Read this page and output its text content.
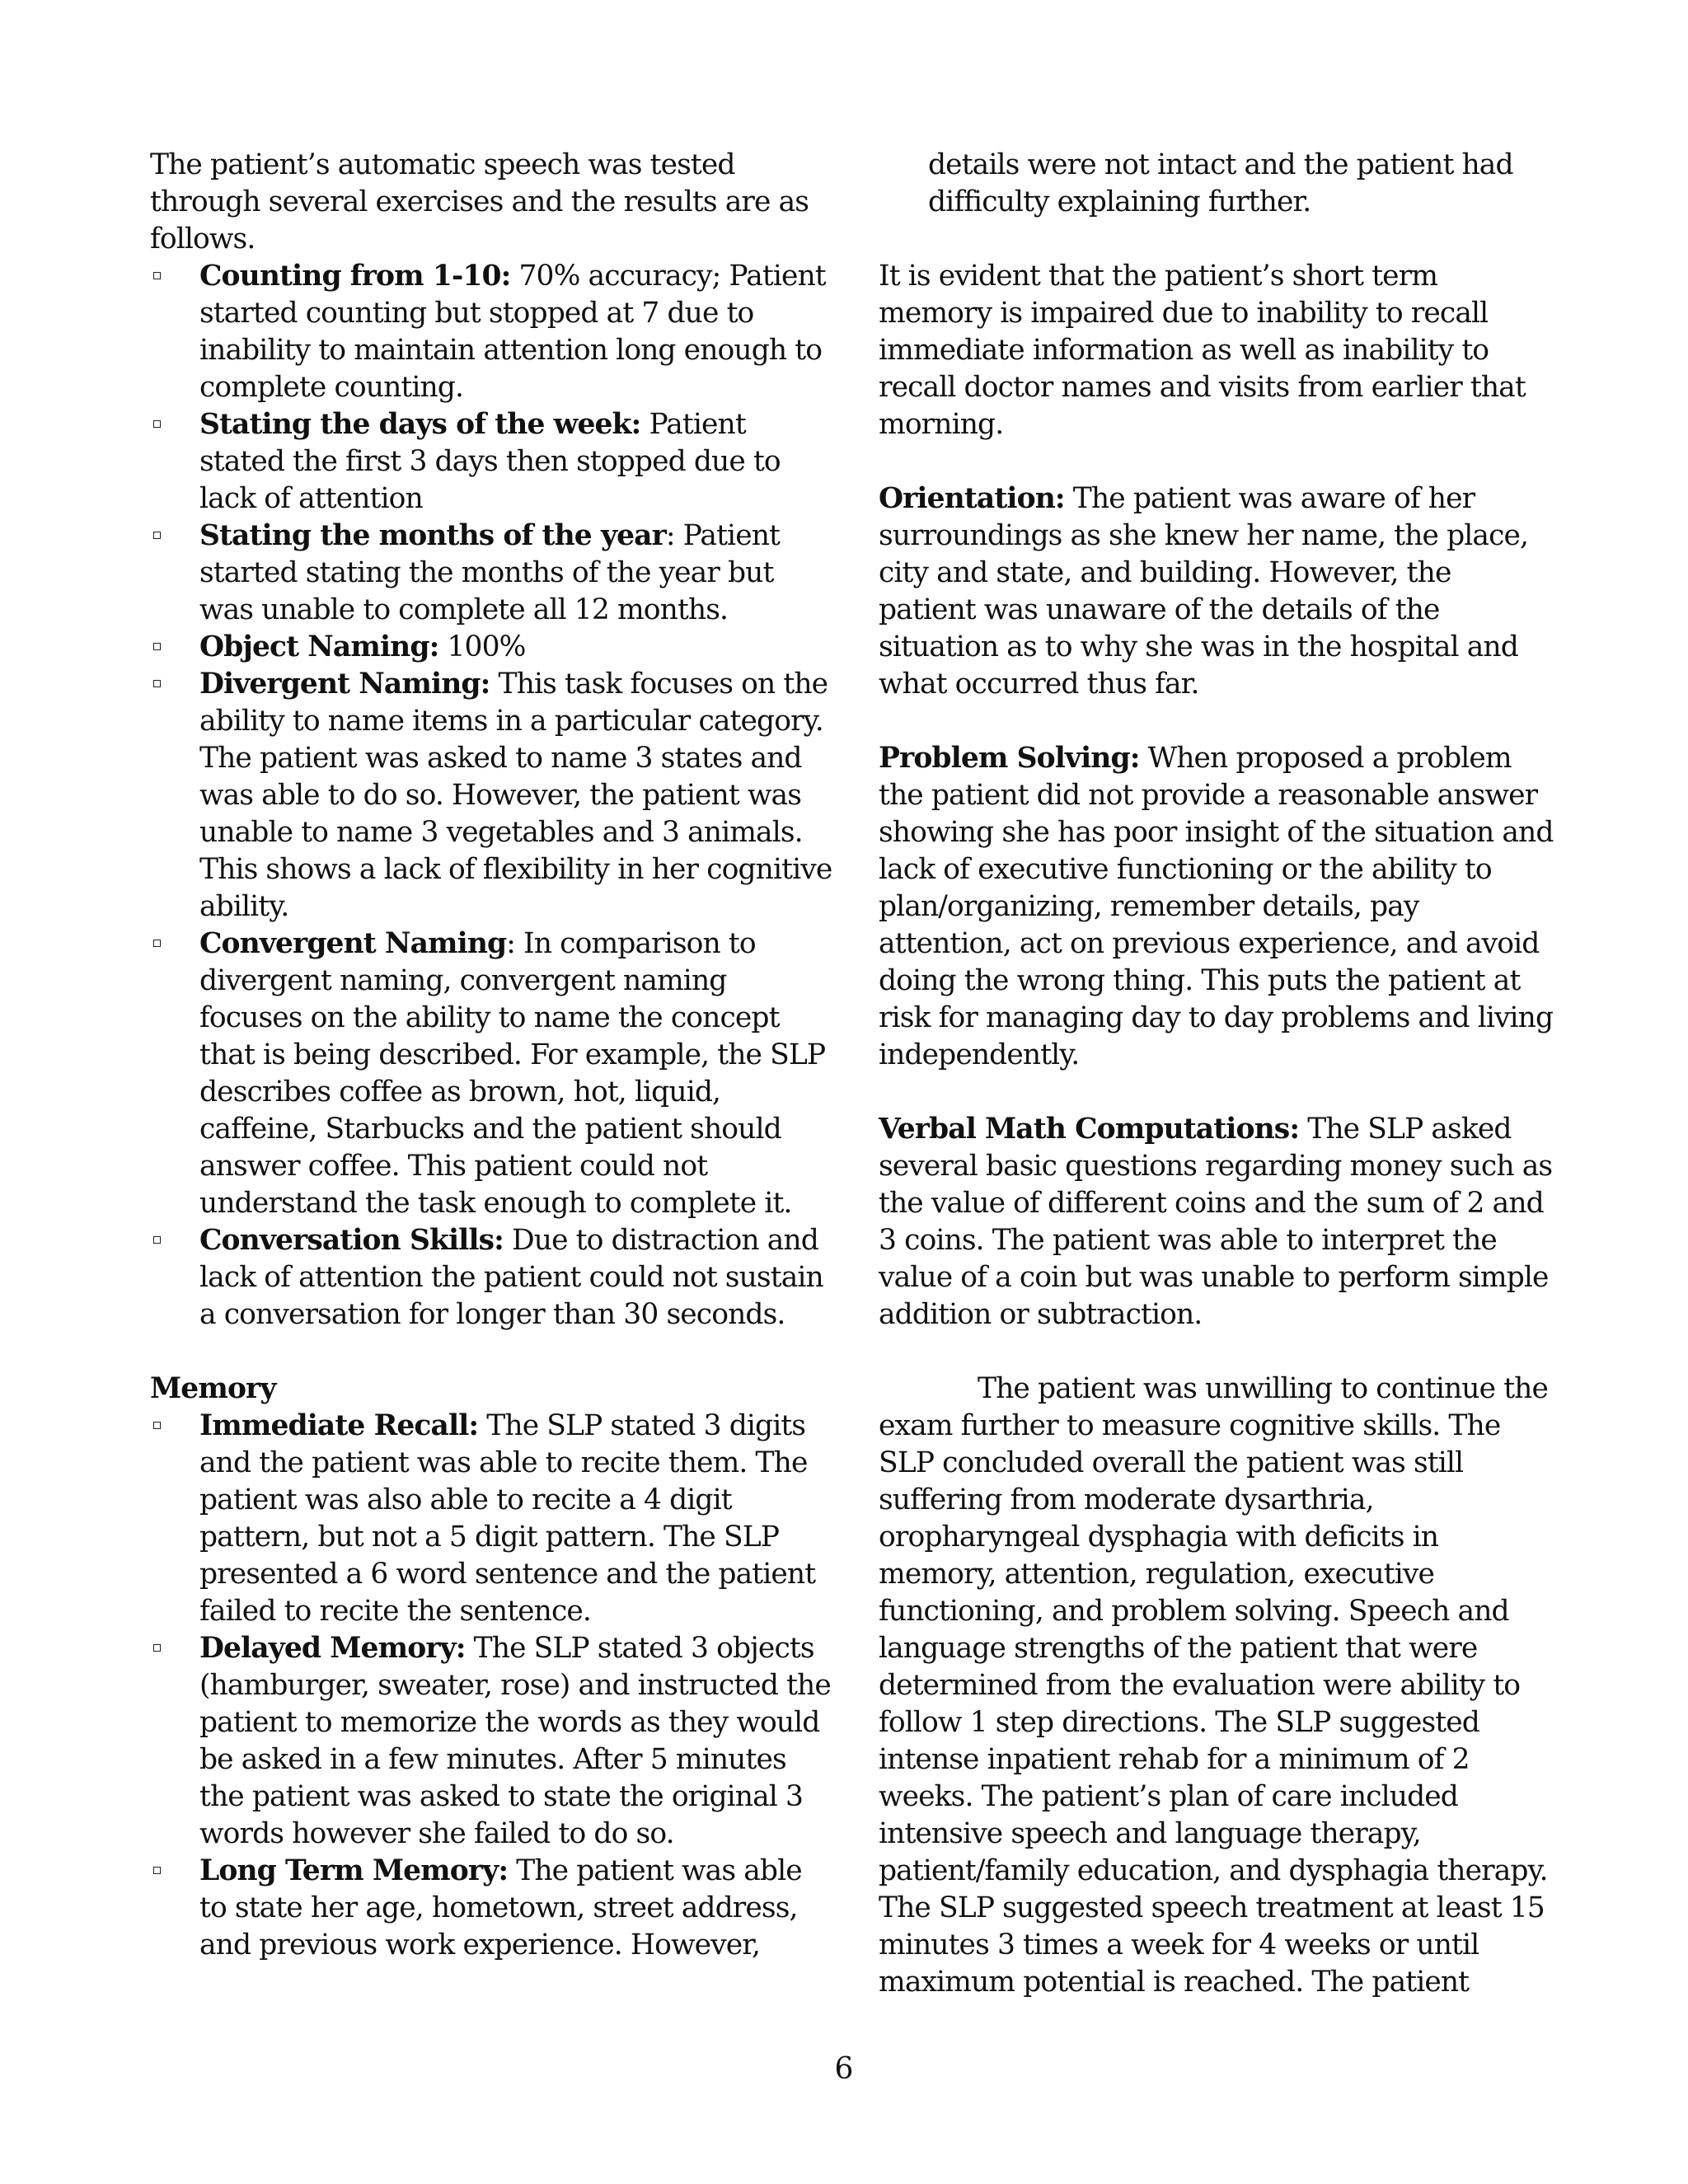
The patient’s automatic speech was tested through several exercises and the results are as follows.

Counting from 1-10: 70% accuracy; Patient started counting but stopped at 7 due to inability to maintain attention long enough to complete counting.
Stating the days of the week: Patient stated the first 3 days then stopped due to lack of attention
Stating the months of the year: Patient started stating the months of the year but was unable to complete all 12 months.
Object Naming: 100%
Divergent Naming: This task focuses on the ability to name items in a particular category. The patient was asked to name 3 states and was able to do so. However, the patient was unable to name 3 vegetables and 3 animals. This shows a lack of flexibility in her cognitive ability.
Convergent Naming: In comparison to divergent naming, convergent naming focuses on the ability to name the concept that is being described. For example, the SLP describes coffee as brown, hot, liquid, caffeine, Starbucks and the patient should answer coffee. This patient could not understand the task enough to complete it.
Conversation Skills: Due to distraction and lack of attention the patient could not sustain a conversation for longer than 30 seconds.

Memory

Immediate Recall: The SLP stated 3 digits and the patient was able to recite them. The patient was also able to recite a 4 digit pattern, but not a 5 digit pattern. The SLP presented a 6 word sentence and the patient failed to recite the sentence.
Delayed Memory: The SLP stated 3 objects (hamburger, sweater, rose) and instructed the patient to memorize the words as they would be asked in a few minutes. After 5 minutes the patient was asked to state the original 3 words however she failed to do so.
Long Term Memory: The patient was able to state her age, hometown, street address, and previous work experience. However,

details were not intact and the patient had difficulty explaining further.

It is evident that the patient’s short term memory is impaired due to inability to recall immediate information as well as inability to recall doctor names and visits from earlier that morning.

Orientation: The patient was aware of her surroundings as she knew her name, the place, city and state, and building. However, the patient was unaware of the details of the situation as to why she was in the hospital and what occurred thus far.

Problem Solving: When proposed a problem the patient did not provide a reasonable answer showing she has poor insight of the situation and lack of executive functioning or the ability to plan/organizing, remember details, pay attention, act on previous experience, and avoid doing the wrong thing. This puts the patient at risk for managing day to day problems and living independently.

Verbal Math Computations: The SLP asked several basic questions regarding money such as the value of different coins and the sum of 2 and 3 coins. The patient was able to interpret the value of a coin but was unable to perform simple addition or subtraction.

The patient was unwilling to continue the exam further to measure cognitive skills. The SLP concluded overall the patient was still suffering from moderate dysarthria, oropharyngeal dysphagia with deficits in memory, attention, regulation, executive functioning, and problem solving. Speech and language strengths of the patient that were determined from the evaluation were ability to follow 1 step directions. The SLP suggested intense inpatient rehab for a minimum of 2 weeks. The patient’s plan of care included intensive speech and language therapy, patient/family education, and dysphagia therapy. The SLP suggested speech treatment at least 15 minutes 3 times a week for 4 weeks or until maximum potential is reached. The patient

6
